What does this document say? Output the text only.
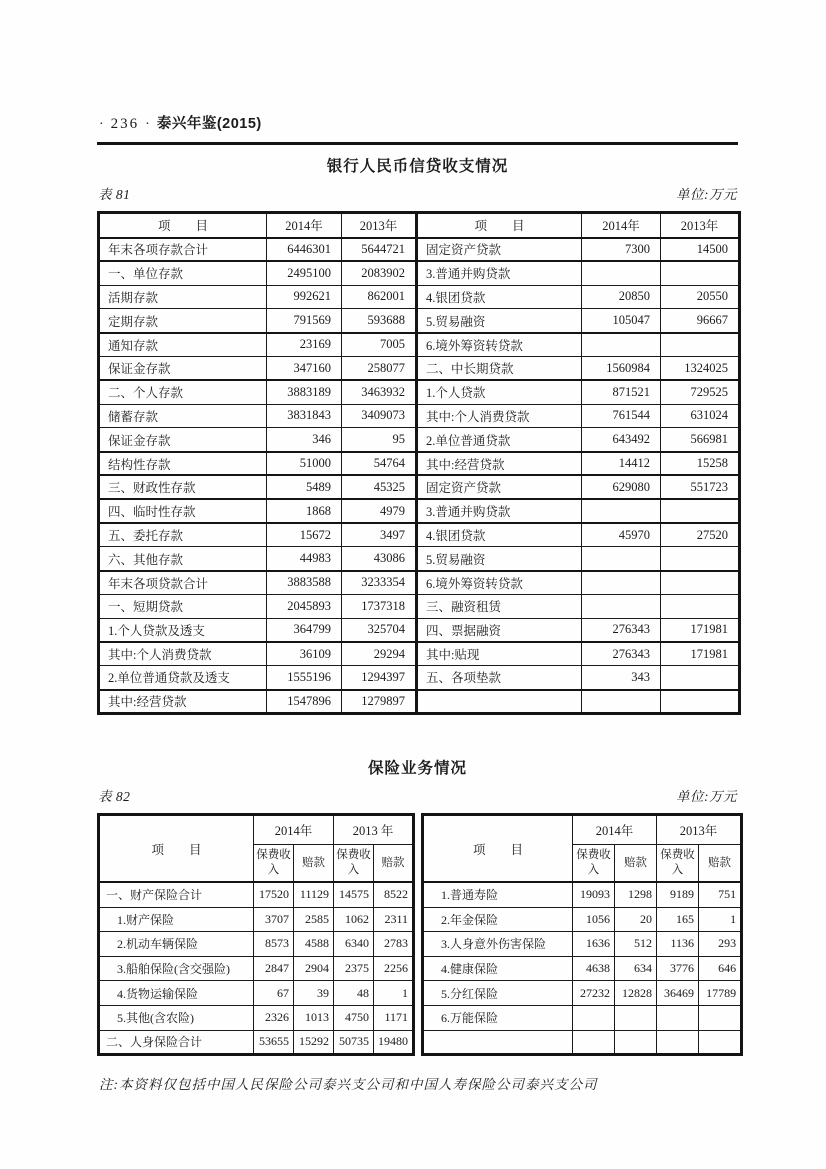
· 236 · 泰兴年鉴(2015)
银行人民币信贷收支情况
表 81	单位:万元
项　　目	2014年	2013年	项　　目	2014年	2013年
年末各项存款合计	6446301	5644721	固定资产贷款	7300	14500
一、单位存款	2495100	2083902	3.普通并购贷款		
活期存款	992621	862001	4.银团贷款	20850	20550
定期存款	791569	593688	5.贸易融资	105047	96667
通知存款	23169	7005	6.境外筹资转贷款		
保证金存款	347160	258077	二、中长期贷款	1560984	1324025
二、个人存款	3883189	3463932	1.个人贷款	871521	729525
储蓄存款	3831843	3409073	其中:个人消费贷款	761544	631024
保证金存款	346	95	2.单位普通贷款	643492	566981
结构性存款	51000	54764	其中:经营贷款	14412	15258
三、财政性存款	5489	45325	固定资产贷款	629080	551723
四、临时性存款	1868	4979	3.普通并购贷款		
五、委托存款	15672	3497	4.银团贷款	45970	27520
六、其他存款	44983	43086	5.贸易融资		
年末各项贷款合计	3883588	3233354	6.境外筹资转贷款		
一、短期贷款	2045893	1737318	三、融资租赁		
1.个人贷款及透支	364799	325704	四、票据融资	276343	171981
其中:个人消费贷款	36109	29294	其中:贴现	276343	171981
2.单位普通贷款及透支	1555196	1294397	五、各项垫款	343	
其中:经营贷款	1547896	1279897			
保险业务情况
表 82	单位:万元
项　　目	2014年		2013 年	
	保费收入	赔款	保费收入	赔款
一、财产保险合计	17520	11129	14575	8522
1.财产保险	3707	2585	1062	2311
2.机动车辆保险	8573	4588	6340	2783
3.船舶保险(含交强险)	2847	2904	2375	2256
4.货物运输保险	67	39	48	1
5.其他(含农险)	2326	1013	4750	1171
二、人身保险合计	53655	15292	50735	19480
项　　目	2014年		2013年	
	保费收入	赔款	保费收入	赔款
1.普通寿险	19093	1298	9189	751
2.年金保险	1056	20	165	1
3.人身意外伤害保险	1636	512	1136	293
4.健康保险	4638	634	3776	646
5.分红保险	27232	12828	36469	17789
6.万能保险				

注:本资料仅包括中国人民保险公司泰兴支公司和中国人寿保险公司泰兴支公司
